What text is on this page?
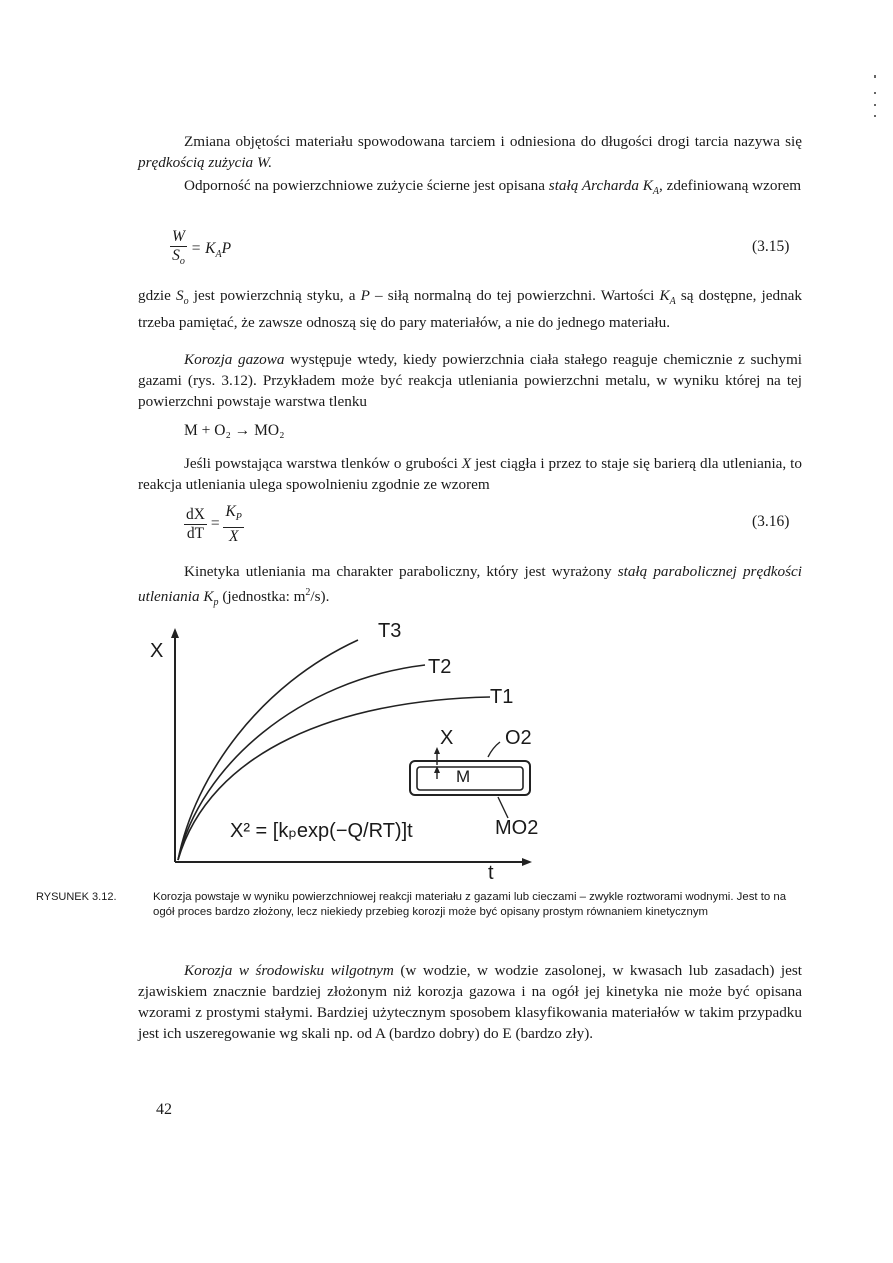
Zmiana objętości materiału spowodowana tarciem i odniesiona do długości drogi tarcia nazywa się prędkością zużycia W.

Odporność na powierzchniowe zużycie ścierne jest opisana stałą Archarda $K_A$, zdefiniowaną wzorem

$\frac{W}{S_o} = K_AP$	(3.15)

gdzie $S_o$ jest powierzchnią styku, a P – siłą normalną do tej powierzchni. Wartości $K_A$ są dostępne, jednak trzeba pamiętać, że zawsze odnoszą się do pary materiałów, a nie do jednego materiału.

Korozja gazowa występuje wtedy, kiedy powierzchnia ciała stałego reaguje chemicznie z suchymi gazami (rys. 3.12). Przykładem może być reakcja utleniania powierzchni metalu, w wyniku której na tej powierzchni powstaje warstwa tlenku

M + O₂ → MO₂

Jeśli powstająca warstwa tlenków o grubości X jest ciągła i przez to staje się barierą dla utleniania, to reakcja utleniania ulega spowolnieniu zgodnie ze wzorem

$\frac{dX}{dT} = \frac{K_P}{X}$	(3.16)

Kinetyka utleniania ma charakter paraboliczny, który jest wyrażony stałą parabolicznej prędkości utleniania $K_p$ (jednostka: $m^2/s$).

X
t
T3
T2
T1
X	O2
M
MO2
X² = [kₚexp(−Q/RT)]t
RYSUNEK 3.12.	Korozja powstaje w wyniku powierzchniowej reakcji materiału z gazami lub cieczami – zwykle roztworami wodnymi. Jest to na ogół proces bardzo złożony, lecz niekiedy przebieg korozji może być opisany prostym równaniem kinetycznym

Korozja w środowisku wilgotnym (w wodzie, w wodzie zasolonej, w kwasach lub zasadach) jest zjawiskiem znacznie bardziej złożonym niż korozja gazowa i na ogół jej kinetyka nie może być opisana wzorami z prostymi stałymi. Bardziej użytecznym sposobem klasyfikowania materiałów w takim przypadku jest ich uszeregowanie wg skali np. od A (bardzo dobry) do E (bardzo zły).

42
